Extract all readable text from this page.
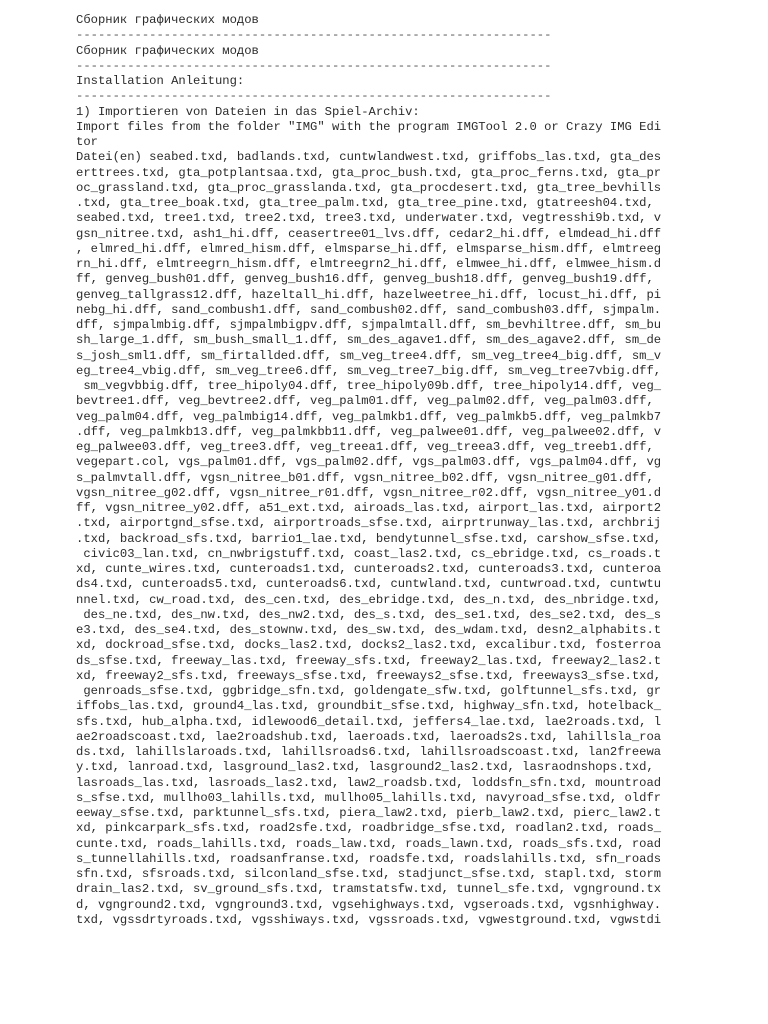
Сборник графических модов
-----------------------------------------------------------------
Сборник графических модов
-----------------------------------------------------------------
Installation Anleitung:
-----------------------------------------------------------------
1) Importieren von Dateien in das Spiel-Archiv:
Import files from the folder "IMG" with the program IMGTool 2.0 or Crazy IMG Edi
tor
Datei(en) seabed.txd, badlands.txd, cuntwlandwest.txd, griffobs_las.txd, gta_des
erttrees.txd, gta_potplantsaa.txd, gta_proc_bush.txd, gta_proc_ferns.txd, gta_pr
oc_grassland.txd, gta_proc_grasslanda.txd, gta_procdesert.txd, gta_tree_bevhills
.txd, gta_tree_boak.txd, gta_tree_palm.txd, gta_tree_pine.txd, gtatreesh04.txd,
seabed.txd, tree1.txd, tree2.txd, tree3.txd, underwater.txd, vegtresshi9b.txd, v
gsn_nitree.txd, ash1_hi.dff, ceasertree01_lvs.dff, cedar2_hi.dff, elmdead_hi.dff
, elmred_hi.dff, elmred_hism.dff, elmsparse_hi.dff, elmsparse_hism.dff, elmtreeg
rn_hi.dff, elmtreegrn_hism.dff, elmtreegrn2_hi.dff, elmwee_hi.dff, elmwee_hism.d
ff, genveg_bush01.dff, genveg_bush16.dff, genveg_bush18.dff, genveg_bush19.dff,
genveg_tallgrass12.dff, hazeltall_hi.dff, hazelweetree_hi.dff, locust_hi.dff, pi
nebg_hi.dff, sand_combush1.dff, sand_combush02.dff, sand_combush03.dff, sjmpalm.
dff, sjmpalmbig.dff, sjmpalmbigpv.dff, sjmpalmtall.dff, sm_bevhiltree.dff, sm_bu
sh_large_1.dff, sm_bush_small_1.dff, sm_des_agave1.dff, sm_des_agave2.dff, sm_de
s_josh_sml1.dff, sm_firtallded.dff, sm_veg_tree4.dff, sm_veg_tree4_big.dff, sm_v
eg_tree4_vbig.dff, sm_veg_tree6.dff, sm_veg_tree7_big.dff, sm_veg_tree7vbig.dff,
sm_vegvbbig.dff, tree_hipoly04.dff, tree_hipoly09b.dff, tree_hipoly14.dff, veg_
bevtree1.dff, veg_bevtree2.dff, veg_palm01.dff, veg_palm02.dff, veg_palm03.dff,
veg_palm04.dff, veg_palmbig14.dff, veg_palmkb1.dff, veg_palmkb5.dff, veg_palmkb7
.dff, veg_palmkb13.dff, veg_palmkbb11.dff, veg_palwee01.dff, veg_palwee02.dff, v
eg_palwee03.dff, veg_tree3.dff, veg_treea1.dff, veg_treea3.dff, veg_treeb1.dff,
vegepart.col, vgs_palm01.dff, vgs_palm02.dff, vgs_palm03.dff, vgs_palm04.dff, vg
s_palmvtall.dff, vgsn_nitree_b01.dff, vgsn_nitree_b02.dff, vgsn_nitree_g01.dff,
vgsn_nitree_g02.dff, vgsn_nitree_r01.dff, vgsn_nitree_r02.dff, vgsn_nitree_y01.d
ff, vgsn_nitree_y02.dff, a51_ext.txd, airoads_las.txd, airport_las.txd, airport2
.txd, airportgnd_sfse.txd, airportroads_sfse.txd, airprtrunway_las.txd, archbrij
.txd, backroad_sfs.txd, barrio1_lae.txd, bendytunnel_sfse.txd, carshow_sfse.txd,
civic03_lan.txd, cn_nwbrigstuff.txd, coast_las2.txd, cs_ebridge.txd, cs_roads.t
xd, cunte_wires.txd, cunteroads1.txd, cunteroads2.txd, cunteroads3.txd, cunteroa
ds4.txd, cunteroads5.txd, cunteroads6.txd, cuntwland.txd, cuntwroad.txd, cuntwtu
nnel.txd, cw_road.txd, des_cen.txd, des_ebridge.txd, des_n.txd, des_nbridge.txd,
des_ne.txd, des_nw.txd, des_nw2.txd, des_s.txd, des_se1.txd, des_se2.txd, des_s
e3.txd, des_se4.txd, des_stownw.txd, des_sw.txd, des_wdam.txd, desn2_alphabits.t
xd, dockroad_sfse.txd, docks_las2.txd, docks2_las2.txd, excalibur.txd, fosterroa
ds_sfse.txd, freeway_las.txd, freeway_sfs.txd, freeway2_las.txd, freeway2_las2.t
xd, freeway2_sfs.txd, freeways_sfse.txd, freeways2_sfse.txd, freeways3_sfse.txd,
genroads_sfse.txd, ggbridge_sfn.txd, goldengate_sfw.txd, golftunnel_sfs.txd, gr
iffobs_las.txd, ground4_las.txd, groundbit_sfse.txd, highway_sfn.txd, hotelback_
sfs.txd, hub_alpha.txd, idlewood6_detail.txd, jeffers4_lae.txd, lae2roads.txd, l
ae2roadscoast.txd, lae2roadshub.txd, laeroads.txd, laeroads2s.txd, lahillsla_roa
ds.txd, lahillslaroads.txd, lahillsroads6.txd, lahillsroadscoast.txd, lan2freewa
y.txd, lanroad.txd, lasground_las2.txd, lasground2_las2.txd, lasraodnshops.txd,
lasroads_las.txd, lasroads_las2.txd, law2_roadsb.txd, loddsfn_sfn.txd, mountroad
s_sfse.txd, mullho03_lahills.txd, mullho05_lahills.txd, navyroad_sfse.txd, oldfr
eeway_sfse.txd, parktunnel_sfs.txd, piera_law2.txd, pierb_law2.txd, pierc_law2.t
xd, pinkcarpark_sfs.txd, road2sfe.txd, roadbridge_sfse.txd, roadlan2.txd, roads_
cunte.txd, roads_lahills.txd, roads_law.txd, roads_lawn.txd, roads_sfs.txd, road
s_tunnellahills.txd, roadsanfranse.txd, roadsfe.txd, roadslahills.txd, sfn_roads
sfn.txd, sfsroads.txd, silconland_sfse.txd, stadjunct_sfse.txd, stapl.txd, storm
drain_las2.txd, sv_ground_sfs.txd, tramstatsfw.txd, tunnel_sfe.txd, vgnground.tx
d, vgnground2.txd, vgnground3.txd, vgsehighways.txd, vgseroads.txd, vgsnhighway.
txd, vgssdrtyroads.txd, vgsshiways.txd, vgssroads.txd, vgwestground.txd, vgwstdi
